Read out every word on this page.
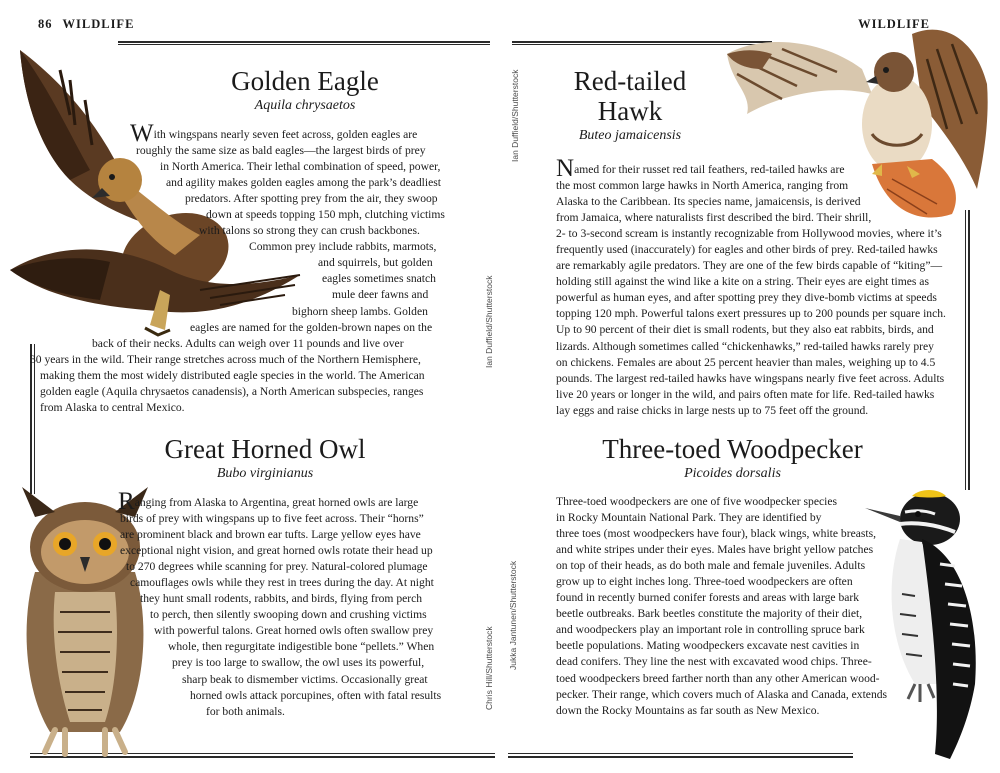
86 WILDLIFE	WILDLIFE
Ian Duffield/Shutterstock
Ian Duffield/Shutterstock
Chris Hill/Shutterstock Jukka Jantunen/Shutterstock
Golden Eagle
Aquila chrysaetos

With wingspans nearly seven feet across, golden eagles are
roughly the same size as bald eagles—the largest birds of prey
in North America. Their lethal combination of speed, power,
and agility makes golden eagles among the park’s deadliest
predators. After spotting prey from the air, they swoop
down at speeds topping 150 mph, clutching victims
with talons so strong they can crush backbones.
Common prey include rabbits, marmots,
and squirrels, but golden
eagles sometimes snatch
mule deer fawns and
bighorn sheep lambs. Golden
eagles are named for the golden-brown napes on the
back of their necks. Adults can weigh over 11 pounds and live over
30 years in the wild. Their range stretches across much of the Northern Hemisphere,
making them the most widely distributed eagle species in the world. The American
golden eagle (Aquila chrysaetos canadensis), a North American subspecies, ranges
from Alaska to central Mexico.

Red-tailed
Hawk
Buteo jamaicensis

Named for their russet red tail feathers, red-tailed hawks are
the most common large hawks in North America, ranging from
Alaska to the Caribbean. Its species name, jamaicensis, is derived
from Jamaica, where naturalists first described the bird. Their shrill,
2- to 3-second scream is instantly recognizable from Hollywood movies, where it’s
frequently used (inaccurately) for eagles and other birds of prey. Red-tailed hawks
are remarkably agile predators. They are one of the few birds capable of “kiting”—
holding still against the wind like a kite on a string. Their eyes are eight times as
powerful as human eyes, and after spotting prey they dive-bomb victims at speeds
topping 120 mph. Powerful talons exert pressures up to 200 pounds per square inch.
Up to 90 percent of their diet is small rodents, but they also eat rabbits, birds, and
lizards. Although sometimes called “chickenhawks,” red-tailed hawks rarely prey
on chickens. Females are about 25 percent heavier than males, weighing up to 4.5
pounds. The largest red-tailed hawks have wingspans nearly five feet across. Adults
live 20 years or longer in the wild, and pairs often mate for life. Red-tailed hawks
lay eggs and raise chicks in large nests up to 75 feet off the ground.

Great Horned Owl
Bubo virginianus

Ranging from Alaska to Argentina, great horned owls are large
birds of prey with wingspans up to five feet across. Their “horns”
are prominent black and brown ear tufts. Large yellow eyes have
exceptional night vision, and great horned owls rotate their head up
to 270 degrees while scanning for prey. Natural-colored plumage
camouflages owls while they rest in trees during the day. At night
they hunt small rodents, rabbits, and birds, flying from perch
to perch, then silently swooping down and crushing victims
with powerful talons. Great horned owls often swallow prey
whole, then regurgitate indigestible bone “pellets.” When
prey is too large to swallow, the owl uses its powerful,
sharp beak to dismember victims. Occasionally great
horned owls attack porcupines, often with fatal results
for both animals.

Three-toed Woodpecker
Picoides dorsalis

Three-toed woodpeckers are one of five woodpecker species
in Rocky Mountain National Park. They are identified by
three toes (most woodpeckers have four), black wings, white breasts,
and white stripes under their eyes. Males have bright yellow patches
on top of their heads, as do both male and female juveniles. Adults
grow up to eight inches long. Three-toed woodpeckers are often
found in recently burned conifer forests and areas with large bark
beetle outbreaks. Bark beetles constitute the majority of their diet,
and woodpeckers play an important role in controlling spruce bark
beetle populations. Mating woodpeckers excavate nest cavities in
dead conifers. They line the nest with excavated wood chips. Three-
toed woodpeckers breed farther north than any other American wood-
pecker. Their range, which covers much of Alaska and Canada, extends
down the Rocky Mountains as far south as New Mexico.
